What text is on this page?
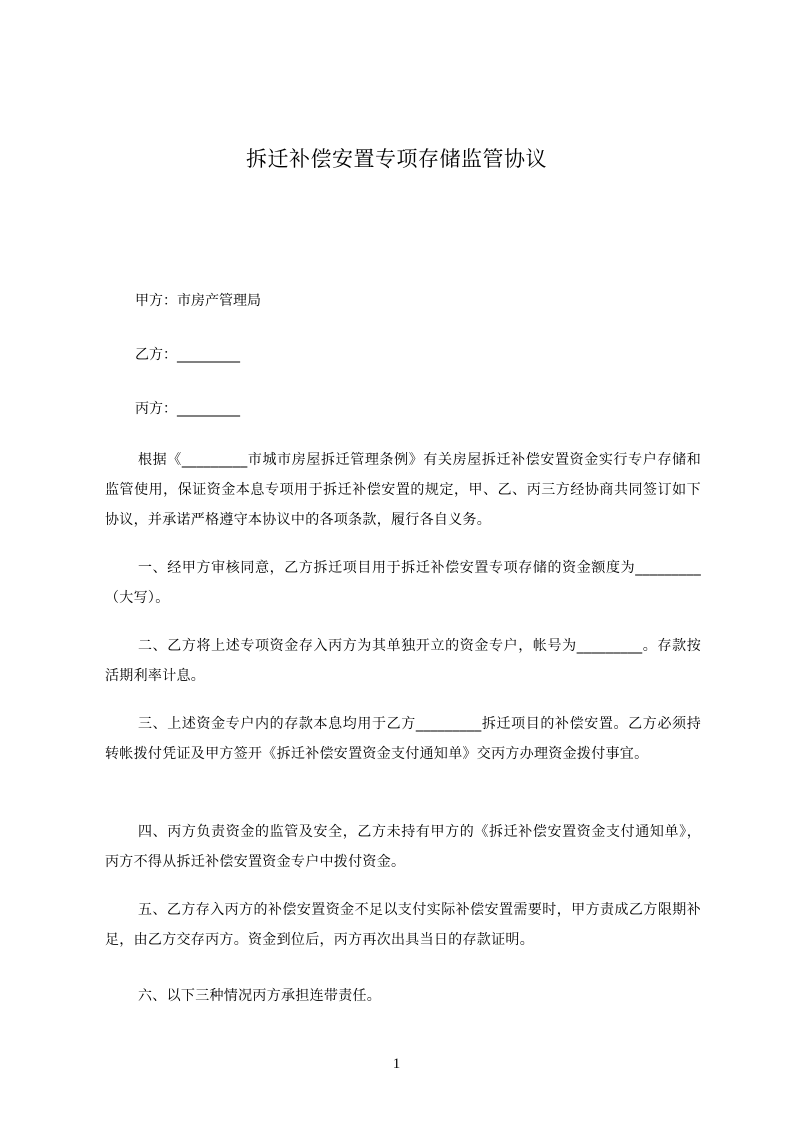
拆迁补偿安置专项存储监管协议
甲方：市房产管理局
乙方：_________
丙方：_________
根据《_________市城市房屋拆迁管理条例》有关房屋拆迁补偿安置资金实行专户存储和监管使用，保证资金本息专项用于拆迁补偿安置的规定，甲、乙、丙三方经协商共同签订如下协议，并承诺严格遵守本协议中的各项条款，履行各自义务。
一、经甲方审核同意，乙方拆迁项目用于拆迁补偿安置专项存储的资金额度为_________（大写）。
二、乙方将上述专项资金存入丙方为其单独开立的资金专户，帐号为_________。存款按活期利率计息。
三、上述资金专户内的存款本息均用于乙方_________拆迁项目的补偿安置。乙方必须持转帐拨付凭证及甲方签开《拆迁补偿安置资金支付通知单》交丙方办理资金拨付事宜。
四、丙方负责资金的监管及安全，乙方未持有甲方的《拆迁补偿安置资金支付通知单》，丙方不得从拆迁补偿安置资金专户中拨付资金。
五、乙方存入丙方的补偿安置资金不足以支付实际补偿安置需要时，甲方责成乙方限期补足，由乙方交存丙方。资金到位后，丙方再次出具当日的存款证明。
六、以下三种情况丙方承担连带责任。
1
